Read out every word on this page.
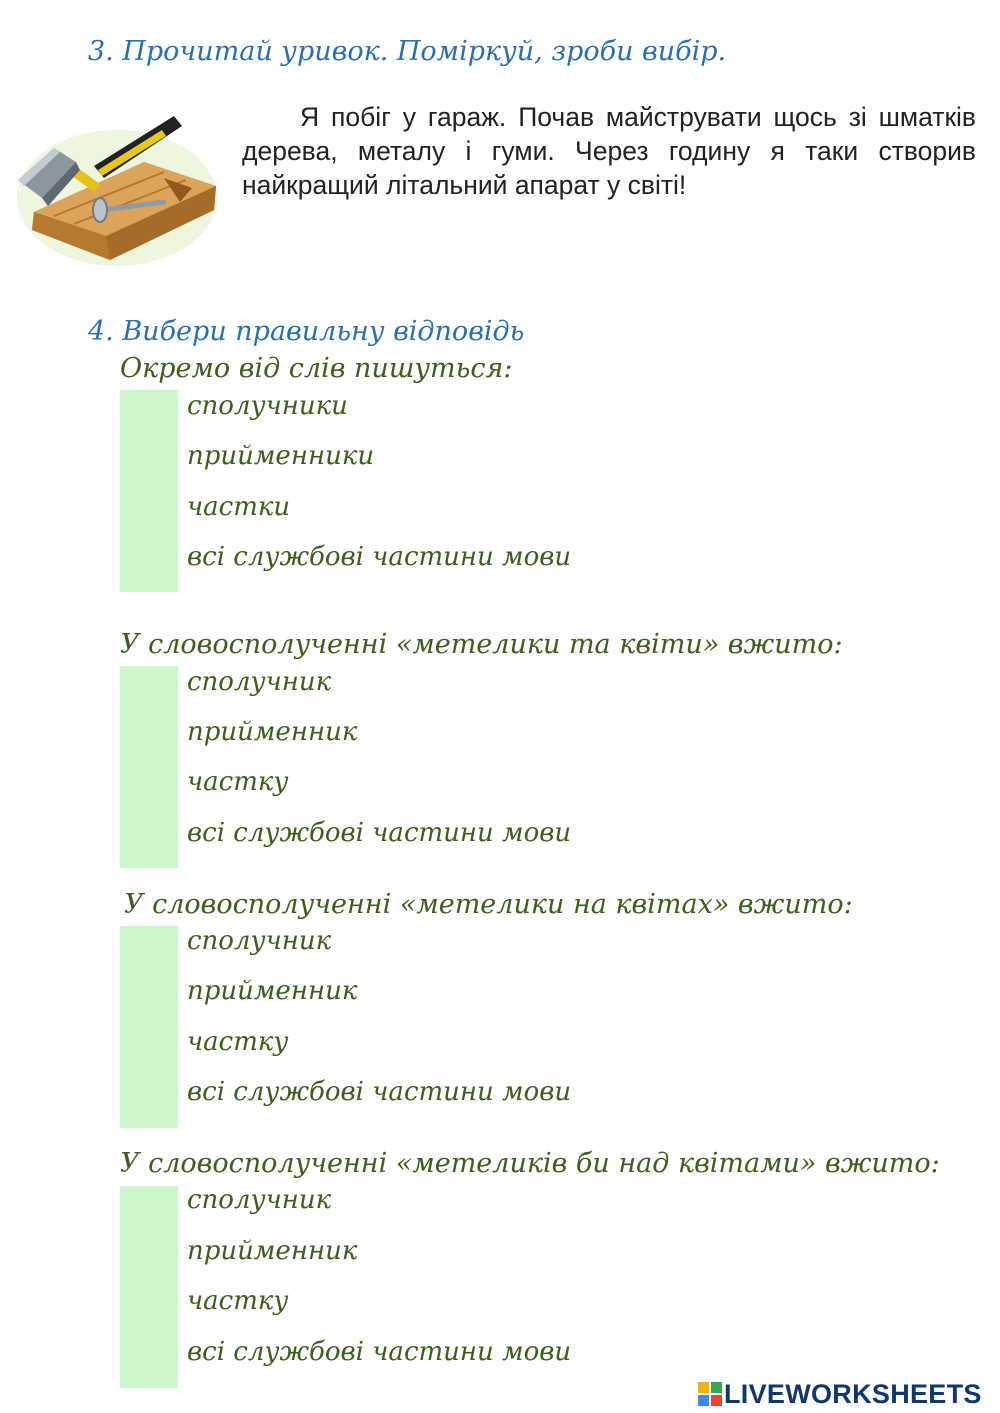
3. Прочитай уривок. Поміркуй, зроби вибір.

Я побіг у гараж. Почав майструвати щось зі шматків дерева, металу і гуми. Через годину я таки створив найкращий літальний апарат у світі!

4. Вибери правильну відповідь
Окремо від слів пишуться:
сполучники
прийменники
частки
всі службові частини мови
У словосполученні «метелики та квіти» вжито:
сполучник
прийменник
частку
всі службові частини мови
У словосполученні «метелики на квітах» вжито:
сполучник
прийменник
частку
всі службові частини мови
У словосполученні «метеликів би над квітами» вжито:
сполучник
прийменник
частку
всі службові частини мови
LIVEWORKSHEETS
